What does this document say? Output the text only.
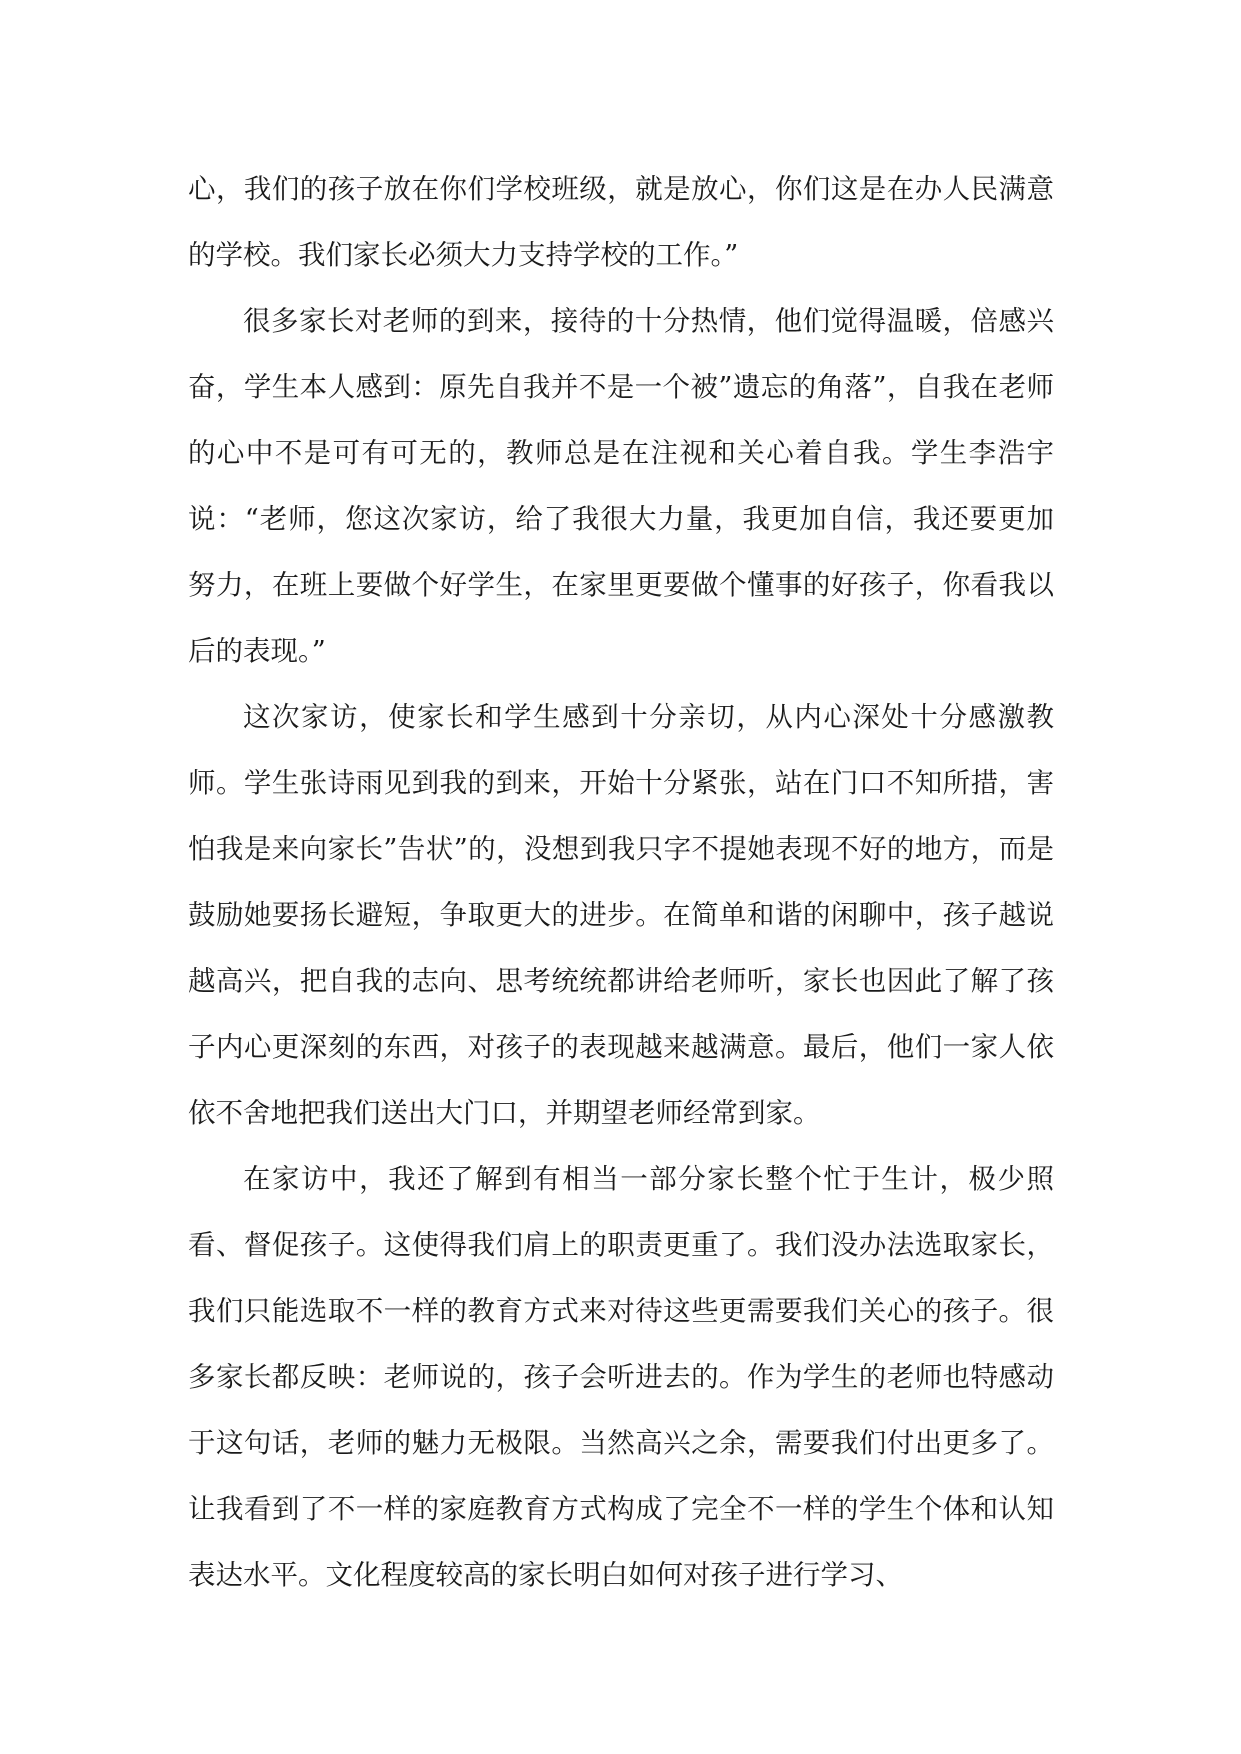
心，我们的孩子放在你们学校班级，就是放心，你们这是在办人民满意的学校。我们家长必须大力支持学校的工作。”

很多家长对老师的到来，接待的十分热情，他们觉得温暖，倍感兴奋，学生本人感到：原先自我并不是一个被”遗忘的角落”，自我在老师的心中不是可有可无的，教师总是在注视和关心着自我。学生李浩宇说：“老师，您这次家访，给了我很大力量，我更加自信，我还要更加努力，在班上要做个好学生，在家里更要做个懂事的好孩子，你看我以后的表现。”

这次家访，使家长和学生感到十分亲切，从内心深处十分感激教师。学生张诗雨见到我的到来，开始十分紧张，站在门口不知所措，害怕我是来向家长”告状”的，没想到我只字不提她表现不好的地方，而是鼓励她要扬长避短，争取更大的进步。在简单和谐的闲聊中，孩子越说越高兴，把自我的志向、思考统统都讲给老师听，家长也因此了解了孩子内心更深刻的东西，对孩子的表现越来越满意。最后，他们一家人依依不舍地把我们送出大门口，并期望老师经常到家。

在家访中，我还了解到有相当一部分家长整个忙于生计，极少照看、督促孩子。这使得我们肩上的职责更重了。我们没办法选取家长，我们只能选取不一样的教育方式来对待这些更需要我们关心的孩子。很多家长都反映：老师说的，孩子会听进去的。作为学生的老师也特感动于这句话，老师的魅力无极限。当然高兴之余，需要我们付出更多了。让我看到了不一样的家庭教育方式构成了完全不一样的学生个体和认知表达水平。文化程度较高的家长明白如何对孩子进行学习、
